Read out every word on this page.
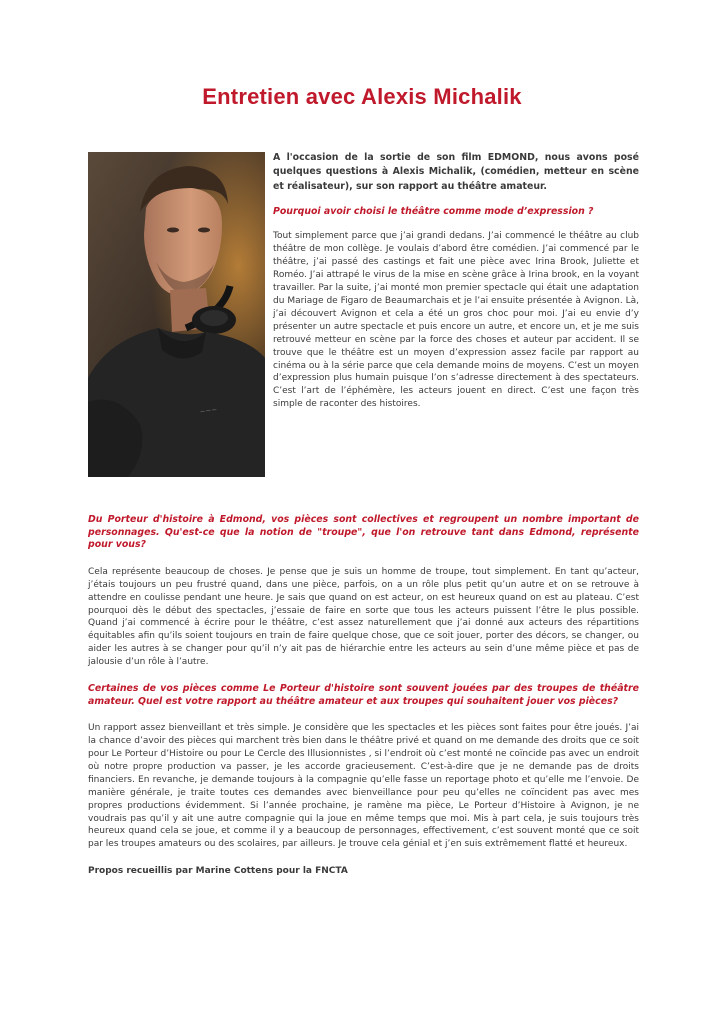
Entretien avec Alexis Michalik
~~~

A l'occasion de la sortie de son film EDMOND, nous avons posé quelques questions à Alexis Michalik, (comédien, metteur en scène et réalisateur), sur son rapport au théâtre amateur.

Pourquoi avoir choisi le théâtre comme mode d’expression ?

Tout simplement parce que j’ai grandi dedans. J’ai commencé le théâtre au club théâtre de mon collège. Je voulais d’abord être comédien. J’ai commencé par le théâtre, j’ai passé des castings et fait une pièce avec Irina Brook, Juliette et Roméo. J’ai attrapé le virus de la mise en scène grâce à Irina brook, en la voyant travailler. Par la suite, j’ai monté mon premier spectacle qui était une adaptation du Mariage de Figaro de Beaumarchais et je l’ai ensuite présentée à Avignon. Là, j’ai découvert Avignon et cela a été un gros choc pour moi. J’ai eu envie d’y présenter un autre spectacle et puis encore un autre, et encore un, et je me suis retrouvé metteur en scène par la force des choses et auteur par accident. Il se trouve que le théâtre est un moyen d’expression assez facile par rapport au cinéma ou à la série parce que cela demande moins de moyens. C’est un moyen d’expression plus humain puisque l’on s’adresse directement à des spectateurs. C’est l’art de l’éphémère, les acteurs jouent en direct. C’est une façon très simple de raconter des histoires.

Du Porteur d'histoire à Edmond, vos pièces sont collectives et regroupent un nombre important de personnages. Qu'est-ce que la notion de "troupe", que l'on retrouve tant dans Edmond, représente pour vous?

Cela représente beaucoup de choses. Je pense que je suis un homme de troupe, tout simplement. En tant qu’acteur, j’étais toujours un peu frustré quand, dans une pièce, parfois, on a un rôle plus petit qu’un autre et on se retrouve à attendre en coulisse pendant une heure. Je sais que quand on est acteur, on est heureux quand on est au plateau. C’est pourquoi dès le début des spectacles, j’essaie de faire en sorte que tous les acteurs puissent l’être le plus possible. Quand j’ai commencé à écrire pour le théâtre, c’est assez naturellement que j’ai donné aux acteurs des répartitions équitables afin qu’ils soient toujours en train de faire quelque chose, que ce soit jouer, porter des décors, se changer, ou aider les autres à se changer pour qu’il n’y ait pas de hiérarchie entre les acteurs au sein d’une même pièce et pas de jalousie d’un rôle à l’autre.

Certaines de vos pièces comme Le Porteur d'histoire sont souvent jouées par des troupes de théâtre amateur. Quel est votre rapport au théâtre amateur et aux troupes qui souhaitent jouer vos pièces?

Un rapport assez bienveillant et très simple. Je considère que les spectacles et les pièces sont faites pour être joués. J’ai la chance d’avoir des pièces qui marchent très bien dans le théâtre privé et quand on me demande des droits que ce soit pour Le Porteur d’Histoire ou pour Le Cercle des Illusionnistes , si l’endroit où c’est monté ne coïncide pas avec un endroit où notre propre production va passer, je les accorde gracieusement. C’est-à-dire que je ne demande pas de droits financiers. En revanche, je demande toujours à la compagnie qu’elle fasse un reportage photo et qu’elle me l’envoie. De manière générale, je traite toutes ces demandes avec bienveillance pour peu qu’elles ne coïncident pas avec mes propres productions évidemment. Si l’année prochaine, je ramène ma pièce, Le Porteur d’Histoire à Avignon, je ne voudrais pas qu’il y ait une autre compagnie qui la joue en même temps que moi. Mis à part cela, je suis toujours très heureux quand cela se joue, et comme il y a beaucoup de personnages, effectivement, c’est souvent monté que ce soit par les troupes amateurs ou des scolaires, par ailleurs. Je trouve cela génial et j’en suis extrêmement flatté et heureux.

Propos recueillis par Marine Cottens pour la FNCTA
